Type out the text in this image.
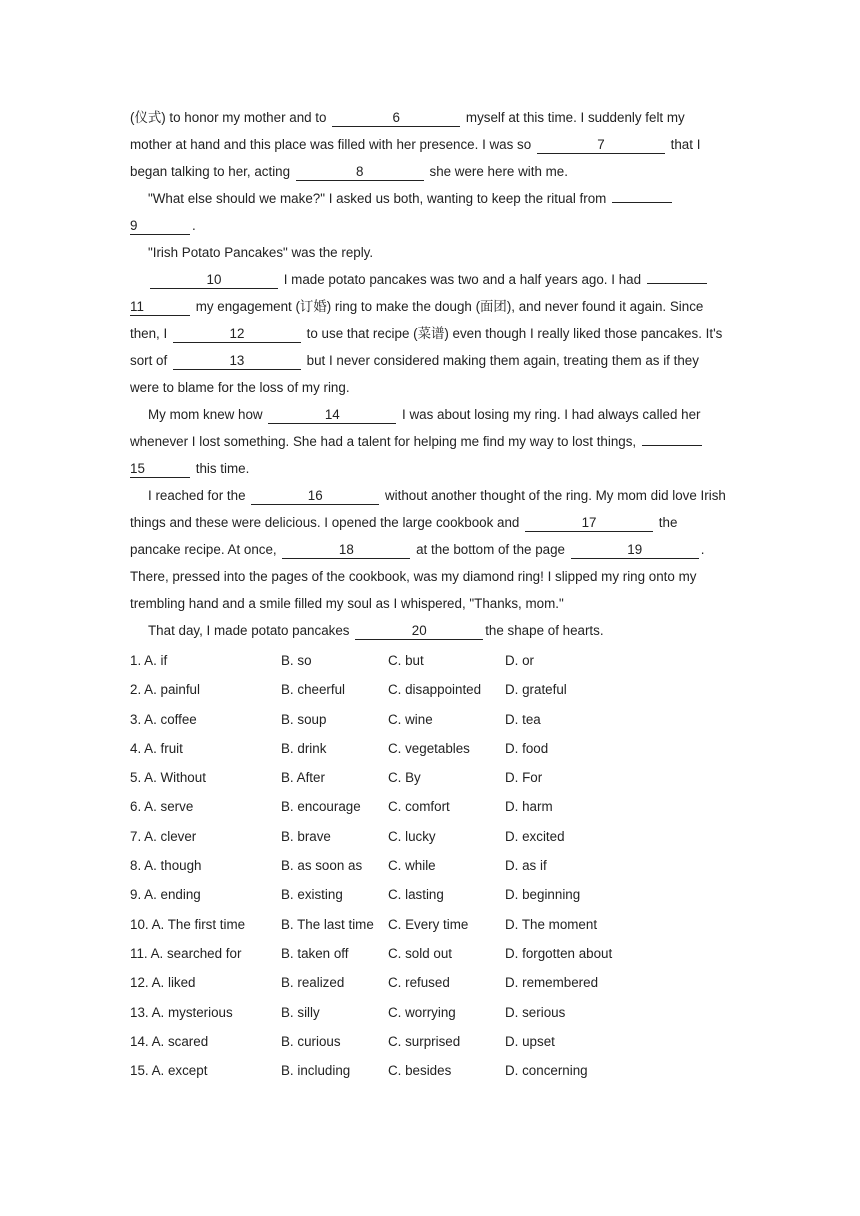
(仪式) to honor my mother and to	6	myself at this time. I suddenly felt my mother at hand and this place was filled with her presence. I was so	7	that I began talking to her, acting	8	she were here with me.

"What else should we make?" I asked us both, wanting to keep the ritual from
9	.

"Irish Potato Pancakes" was the reply.

10	I made potato pancakes was two and a half years ago. I had
11	my engagement (订婚) ring to make the dough (面团), and never found it again. Since then, I	12	to use that recipe (菜谱) even though I really liked those pancakes. It's sort of	13	but I never considered making them again, treating them as if they were to blame for the loss of my ring.

My mom knew how	14	I was about losing my ring. I had always called her whenever I lost something. She had a talent for helping me find my way to lost things,
15	this time.

I reached for the	16	without another thought of the ring. My mom did love Irish things and these were delicious. I opened the large cookbook and	17	the pancake recipe. At once,	18	at the bottom of the page	19	. There, pressed into the pages of the cookbook, was my diamond ring! I slipped my ring onto my trembling hand and a smile filled my soul as I whispered, "Thanks, mom."

That day, I made potato pancakes	20	the shape of hearts.

1. A. if	B. so	C. but	D. or
2. A. painful	B. cheerful	C. disappointed D. grateful
3. A. coffee	B. soup	C. wine	D. tea
4. A. fruit	B. drink	C. vegetables	D. food
5. A. Without	B. After	C. By	D. For
6. A. serve	B. encourage C. comfort	D. harm
7. A. clever	B. brave	C. lucky	D. excited
8. A. though	B. as soon as C. while	D. as if
9. A. ending	B. existing	C. lasting	D. beginning
10. A. The first time	B. The last time C. Every time	D. The moment
11. A. searched for	B. taken off	C. sold out	D. forgotten about
12. A. liked	B. realized	C. refused	D. remembered
13. A. mysterious	B. silly	C. worrying	D. serious
14. A. scared	B. curious	C. surprised	D. upset
15. A. except	B. including	C. besides	D. concerning
